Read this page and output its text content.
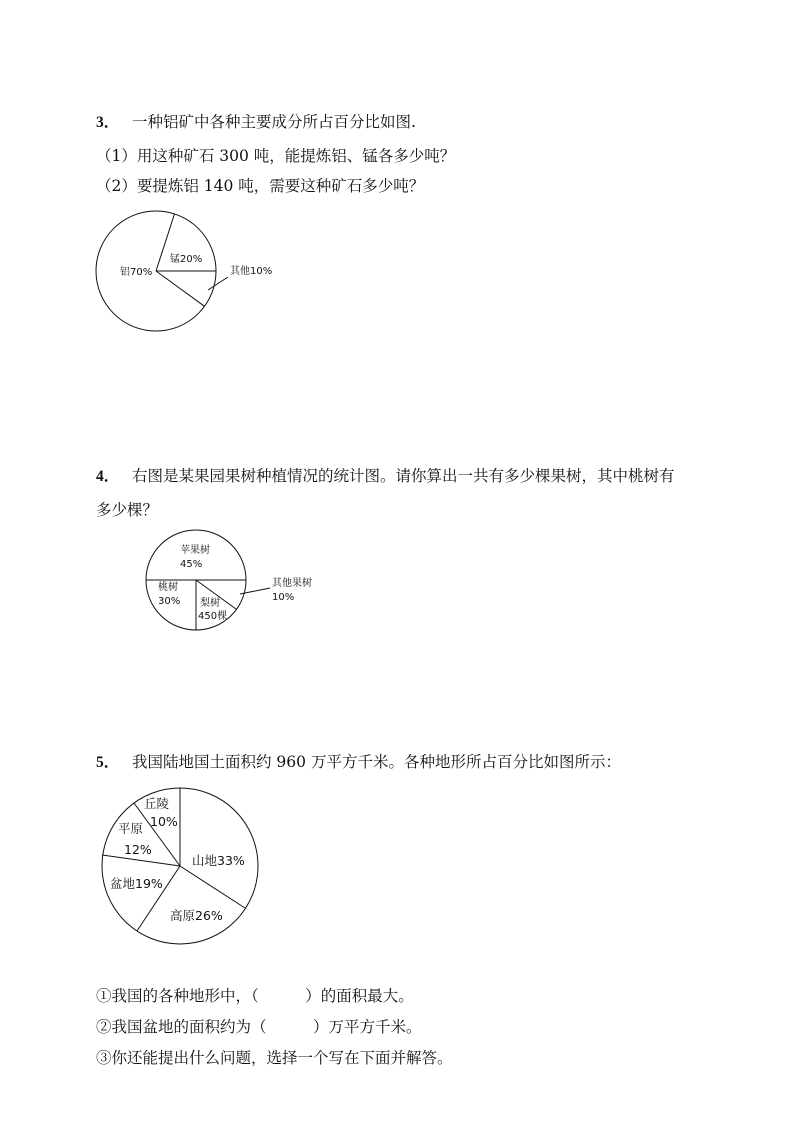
3． 一种铝矿中各种主要成分所占百分比如图.
（1）用这种矿石 300 吨，能提炼铝、锰各多少吨？
（2）要提炼铝 140 吨，需要这种矿石多少吨？
铝70%
锰20%
其他10%
4． 右图是某果园果树种植情况的统计图。请你算出一共有多少棵果树，其中桃树有
多少棵？
苹果树
45%
桃树
30% 梨树
450棵
其他果树
10%
5． 我国陆地国土面积约 960 万平方千米。各种地形所占百分比如图所示：
山地33%
高原26%
盆地19%
平原
12%
丘陵
10%
①我国的各种地形中，（　　　）的面积最大。
②我国盆地的面积约为（　　　）万平方千米。
③你还能提出什么问题，选择一个写在下面并解答。
